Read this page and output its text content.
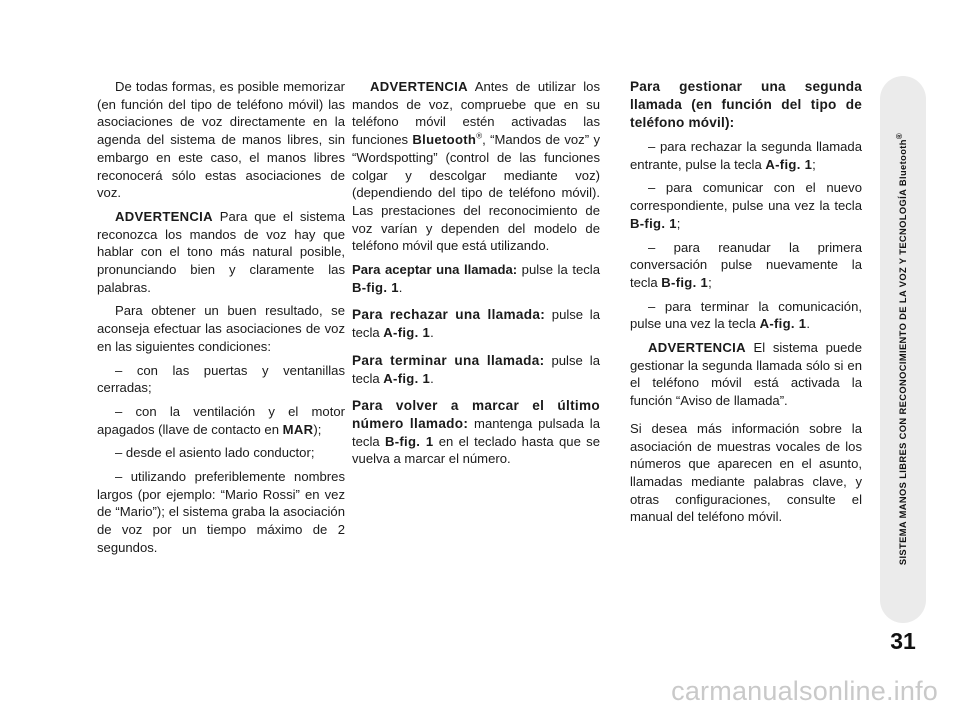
De todas formas, es posible memorizar (en función del tipo de teléfono móvil) las asociaciones de voz directamente en la agenda del sistema de manos libres, sin embargo en este caso, el manos libres reconocerá sólo estas asociaciones de voz.

ADVERTENCIA Para que el sistema reconozca los mandos de voz hay que hablar con el tono más natural posible, pronunciando bien y claramente las palabras.

Para obtener un buen resultado, se aconseja efectuar las asociaciones de voz en las siguientes condiciones:

– con las puertas y ventanillas cerradas;

– con la ventilación y el motor apagados (llave de contacto en MAR);

– desde el asiento lado conductor;

– utilizando preferiblemente nombres largos (por ejemplo: “Mario Rossi” en vez de “Mario”); el sistema graba la asociación de voz por un tiempo máximo de 2 segundos.

ADVERTENCIA Antes de utilizar los mandos de voz, compruebe que en su teléfono móvil estén activadas las funciones Bluetooth®, “Mandos de voz” y “Wordspotting” (control de las funciones colgar y descolgar mediante voz) (dependiendo del tipo de teléfono móvil). Las prestaciones del reconocimiento de voz varían y dependen del modelo de teléfono móvil que está utilizando.

Para aceptar una llamada: pulse la tecla B-fig. 1.

Para rechazar una llamada: pulse la tecla A-fig. 1.

Para terminar una llamada: pulse la tecla A-fig. 1.

Para volver a marcar el último número llamado: mantenga pulsada la tecla B-fig. 1 en el teclado hasta que se vuelva a marcar el número.

Para gestionar una segunda llamada (en función del tipo de teléfono móvil):

– para rechazar la segunda llamada entrante, pulse la tecla A-fig. 1;

– para comunicar con el nuevo correspondiente, pulse una vez la tecla B-fig. 1;

– para reanudar la primera conversación pulse nuevamente la tecla B-fig. 1;

– para terminar la comunicación, pulse una vez la tecla A-fig. 1.

ADVERTENCIA El sistema puede gestionar la segunda llamada sólo si en el teléfono móvil está activada la función “Aviso de llamada”.

Si desea más información sobre la asociación de muestras vocales de los números que aparecen en el asunto, llamadas mediante palabras clave, y otras configuraciones, consulte el manual del teléfono móvil.	SISTEMA MANOS LIBRES CON RECONOCIMIENTO DE LA VOZ Y TECNOLOGÍA Bluetooth®
31
carmanualsonline.info
